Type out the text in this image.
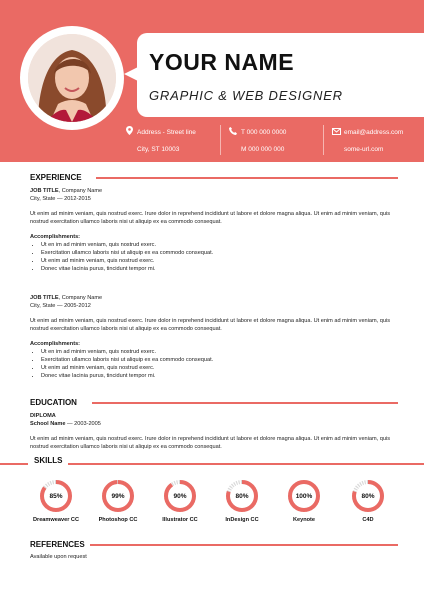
YOUR NAME
GRAPHIC & WEB DESIGNER
Address - Street line
City, ST 10003
T 000 000 0000
M 000 000 000
email@address.com
some-url.com
EXPERIENCE
JOB TITLE, Company Name
City, State — 2012-2015

Ut enim ad minim veniam, quis nostrud exerc. Irure dolor in reprehend incididunt ut labore et dolore magna aliqua. Ut enim ad minim veniam, quis nostrud exercitation ullamco laboris nisi ut aliquip ex ea commodo consequat.

Accomplishments:
• Ut en im ad minim veniam, quis nostrud exerc.
• Exercitation ullamco laboris nisi ut aliquip ex ea commodo consequat.
• Ut enim ad minim veniam, quis nostrud exerc.
• Donec vitae lacinia purus, tincidunt tempor mi.
JOB TITLE, Company Name
City, State — 2005-2012

Ut enim ad minim veniam, quis nostrud exerc. Irure dolor in reprehend incididunt ut labore et dolore magna aliqua. Ut enim ad minim veniam, quis nostrud exercitation ullamco laboris nisi ut aliquip ex ea commodo consequat.

Accomplishments:
• Ut en im ad minim veniam, quis nostrud exerc.
• Exercitation ullamco laboris nisi ut aliquip ex ea commodo consequat.
• Ut enim ad minim veniam, quis nostrud exerc.
• Donec vitae lacinia purus, tincidunt tempor mi.
EDUCATION
DIPLOMA
School Name — 2003-2005

Ut enim ad minim veniam, quis nostrud exerc. Irure dolor in reprehend incididunt ut labore et dolore magna aliqua. Ut enim ad minim veniam, quis nostrud exercitation ullamco laboris nisi ut aliquip ex ea commodo consequat.

SKILLS
85%
Dreamweaver CC
99%
Photoshop CC
90%
Illustrator CC
80%
InDesign CC
100%
Keynote
80%
C4D
REFERENCES
Available upon request
